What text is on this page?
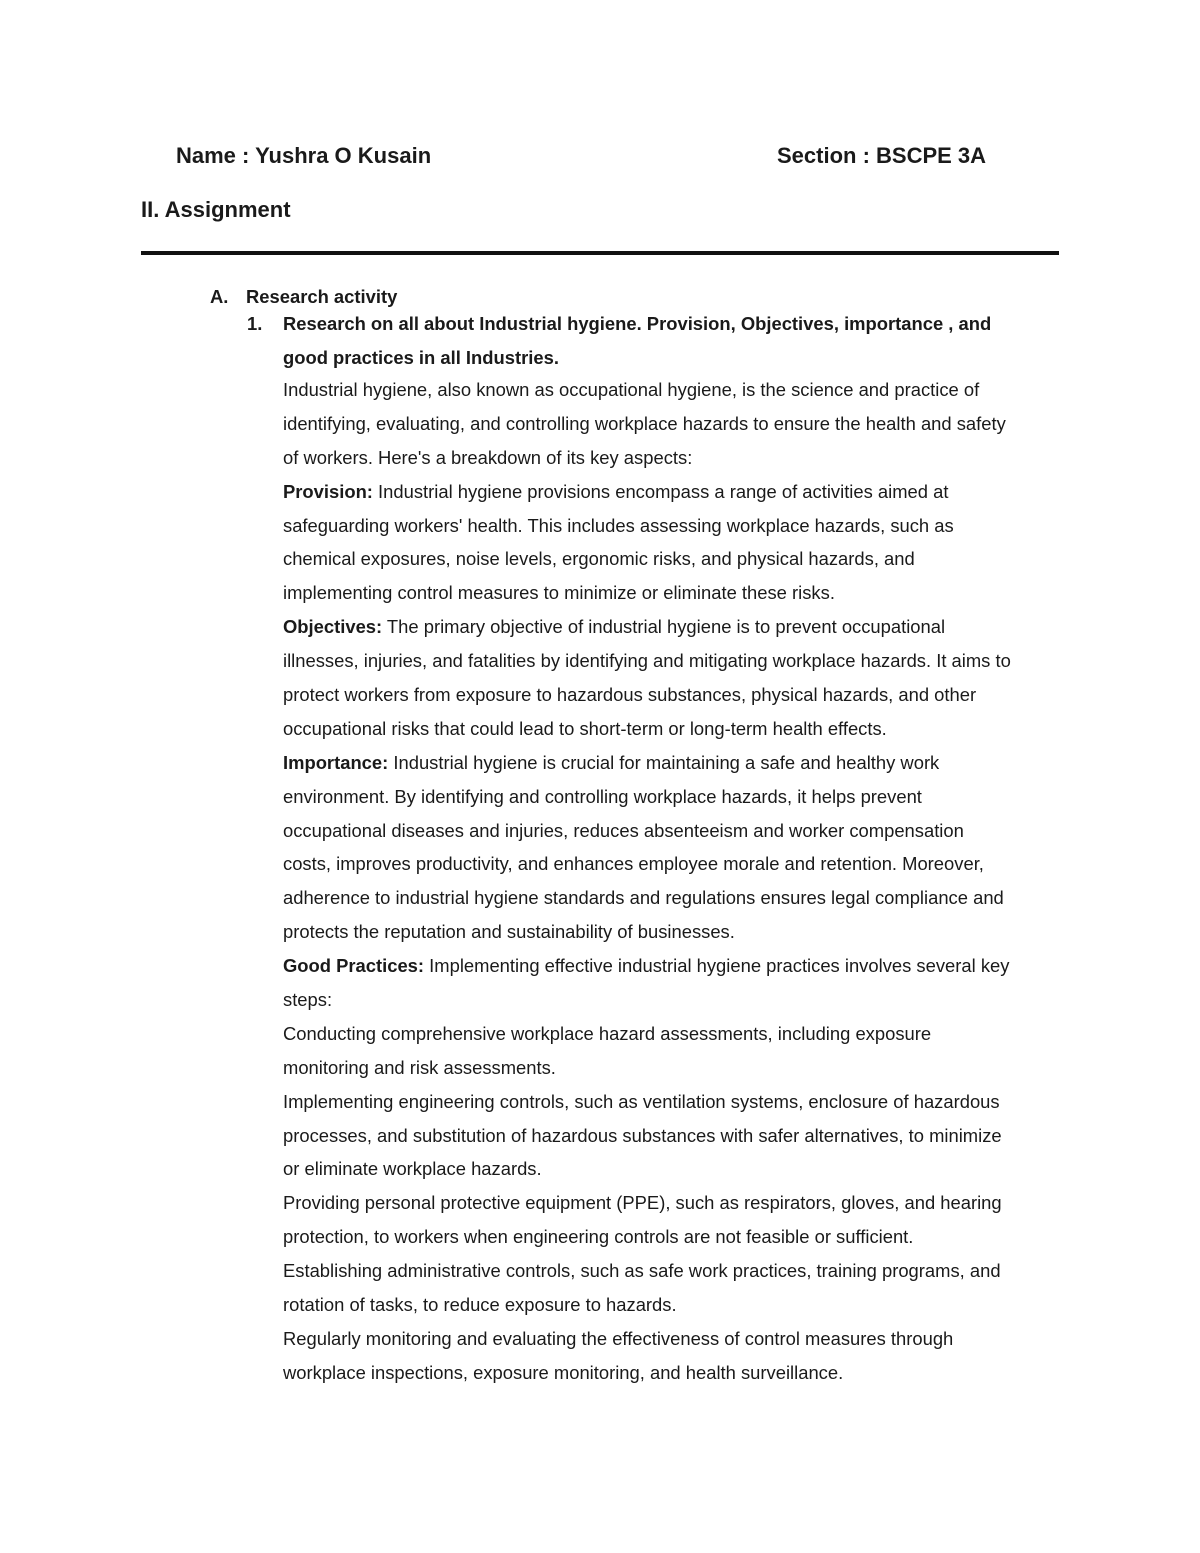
Name : Yushra O Kusain	Section : BSCPE 3A
II. Assignment
A. Research activity
1. Research on all about Industrial hygiene. Provision, Objectives, importance , and
good practices in all Industries.
Industrial hygiene, also known as occupational hygiene, is the science and practice of
identifying, evaluating, and controlling workplace hazards to ensure the health and safety
of workers. Here's a breakdown of its key aspects:
Provision: Industrial hygiene provisions encompass a range of activities aimed at
safeguarding workers' health. This includes assessing workplace hazards, such as
chemical exposures, noise levels, ergonomic risks, and physical hazards, and
implementing control measures to minimize or eliminate these risks.
Objectives: The primary objective of industrial hygiene is to prevent occupational
illnesses, injuries, and fatalities by identifying and mitigating workplace hazards. It aims to
protect workers from exposure to hazardous substances, physical hazards, and other
occupational risks that could lead to short-term or long-term health effects.
Importance: Industrial hygiene is crucial for maintaining a safe and healthy work
environment. By identifying and controlling workplace hazards, it helps prevent
occupational diseases and injuries, reduces absenteeism and worker compensation
costs, improves productivity, and enhances employee morale and retention. Moreover,
adherence to industrial hygiene standards and regulations ensures legal compliance and
protects the reputation and sustainability of businesses.
Good Practices: Implementing effective industrial hygiene practices involves several key
steps:
Conducting comprehensive workplace hazard assessments, including exposure
monitoring and risk assessments.
Implementing engineering controls, such as ventilation systems, enclosure of hazardous
processes, and substitution of hazardous substances with safer alternatives, to minimize
or eliminate workplace hazards.
Providing personal protective equipment (PPE), such as respirators, gloves, and hearing
protection, to workers when engineering controls are not feasible or sufficient.
Establishing administrative controls, such as safe work practices, training programs, and
rotation of tasks, to reduce exposure to hazards.
Regularly monitoring and evaluating the effectiveness of control measures through
workplace inspections, exposure monitoring, and health surveillance.
